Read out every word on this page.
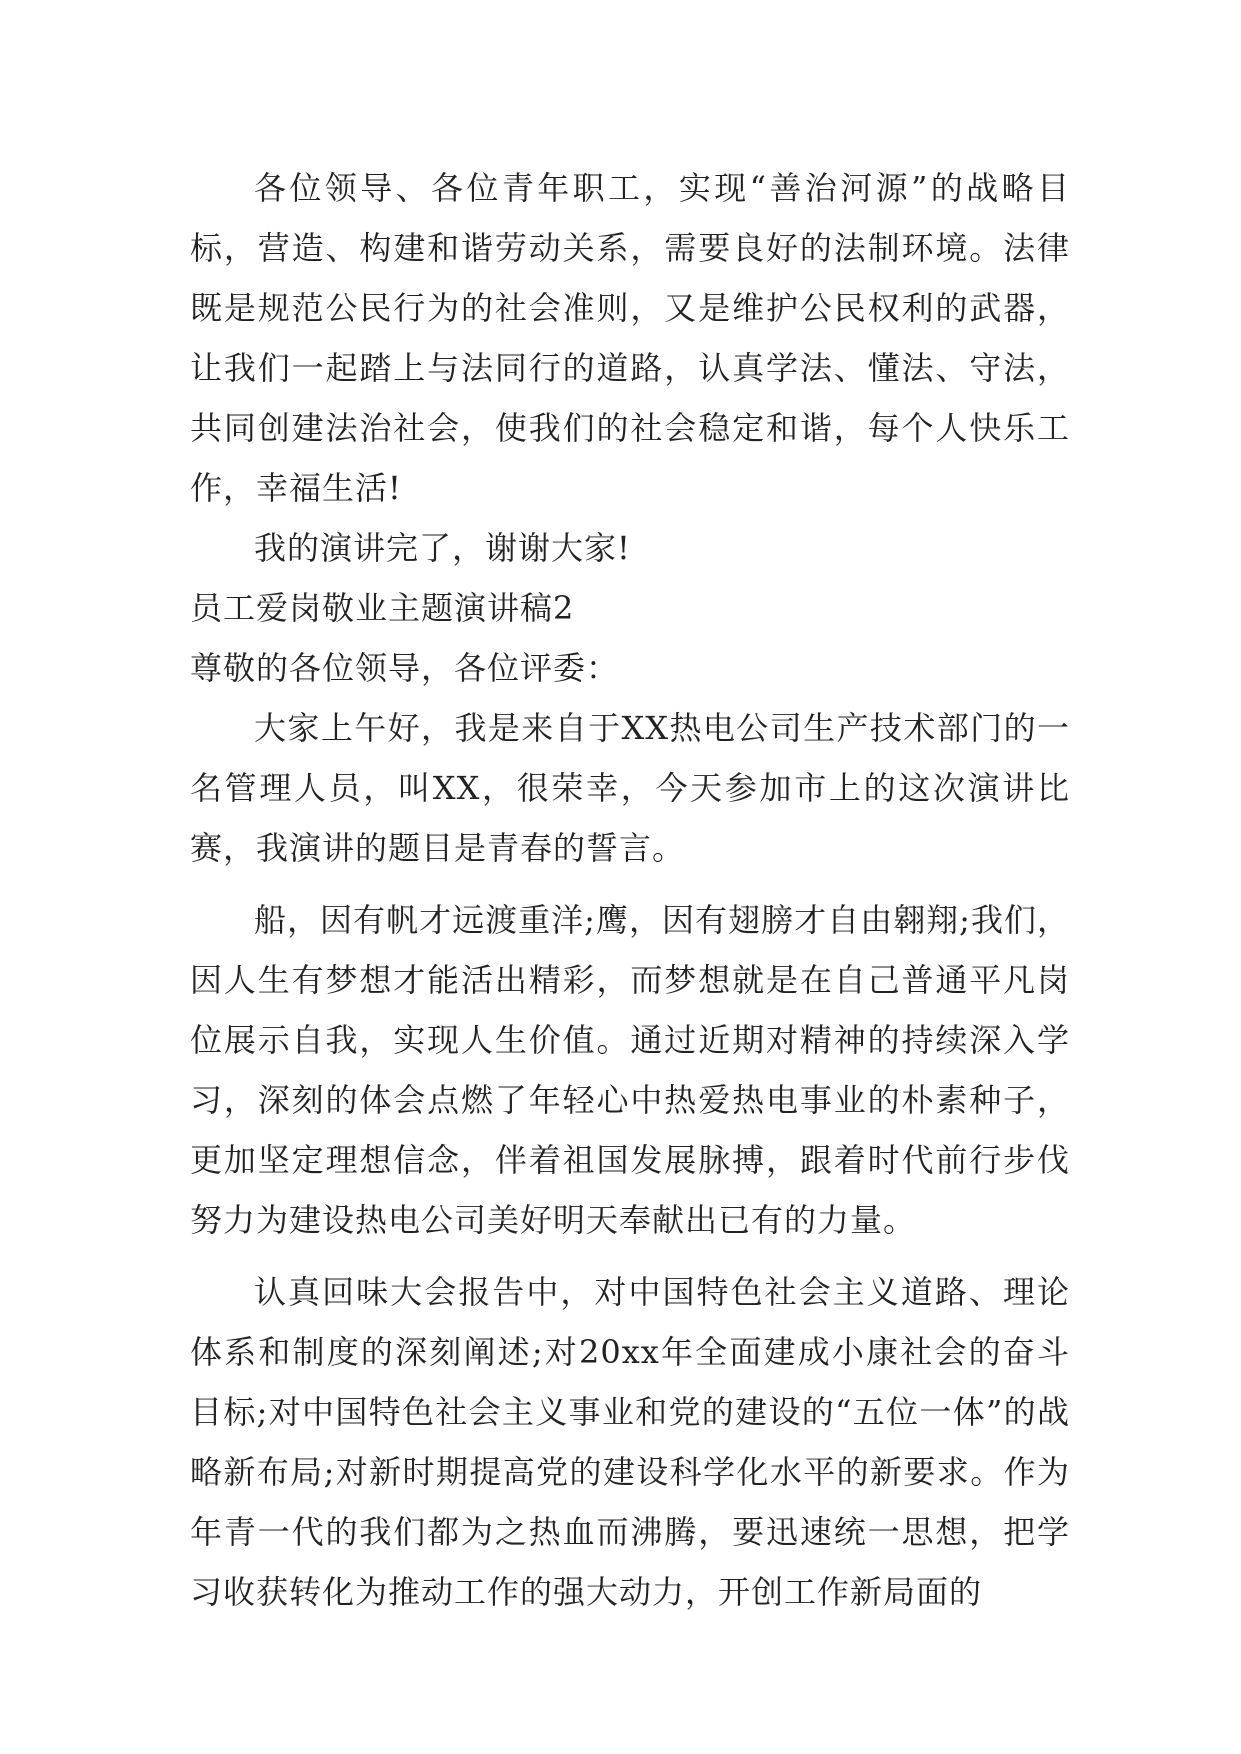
各位领导、各位青年职工，实现“善治河源”的战略目标，营造、构建和谐劳动关系，需要良好的法制环境。法律既是规范公民行为的社会准则，又是维护公民权利的武器，让我们一起踏上与法同行的道路，认真学法、懂法、守法，共同创建法治社会，使我们的社会稳定和谐，每个人快乐工作，幸福生活!

我的演讲完了，谢谢大家!

员工爱岗敬业主题演讲稿2

尊敬的各位领导，各位评委：

大家上午好，我是来自于XX热电公司生产技术部门的一名管理人员，叫XX，很荣幸，今天参加市上的这次演讲比赛，我演讲的题目是青春的誓言。

船，因有帆才远渡重洋;鹰，因有翅膀才自由翱翔;我们，因人生有梦想才能活出精彩，而梦想就是在自己普通平凡岗位展示自我，实现人生价值。通过近期对精神的持续深入学习，深刻的体会点燃了年轻心中热爱热电事业的朴素种子，更加坚定理想信念，伴着祖国发展脉搏，跟着时代前行步伐努力为建设热电公司美好明天奉献出已有的力量。

认真回味大会报告中，对中国特色社会主义道路、理论体系和制度的深刻阐述;对20xx年全面建成小康社会的奋斗目标;对中国特色社会主义事业和党的建设的“五位一体”的战略新布局;对新时期提高党的建设科学化水平的新要求。作为年青一代的我们都为之热血而沸腾，要迅速统一思想，把学习收获转化为推动工作的强大动力，开创工作新局面的
